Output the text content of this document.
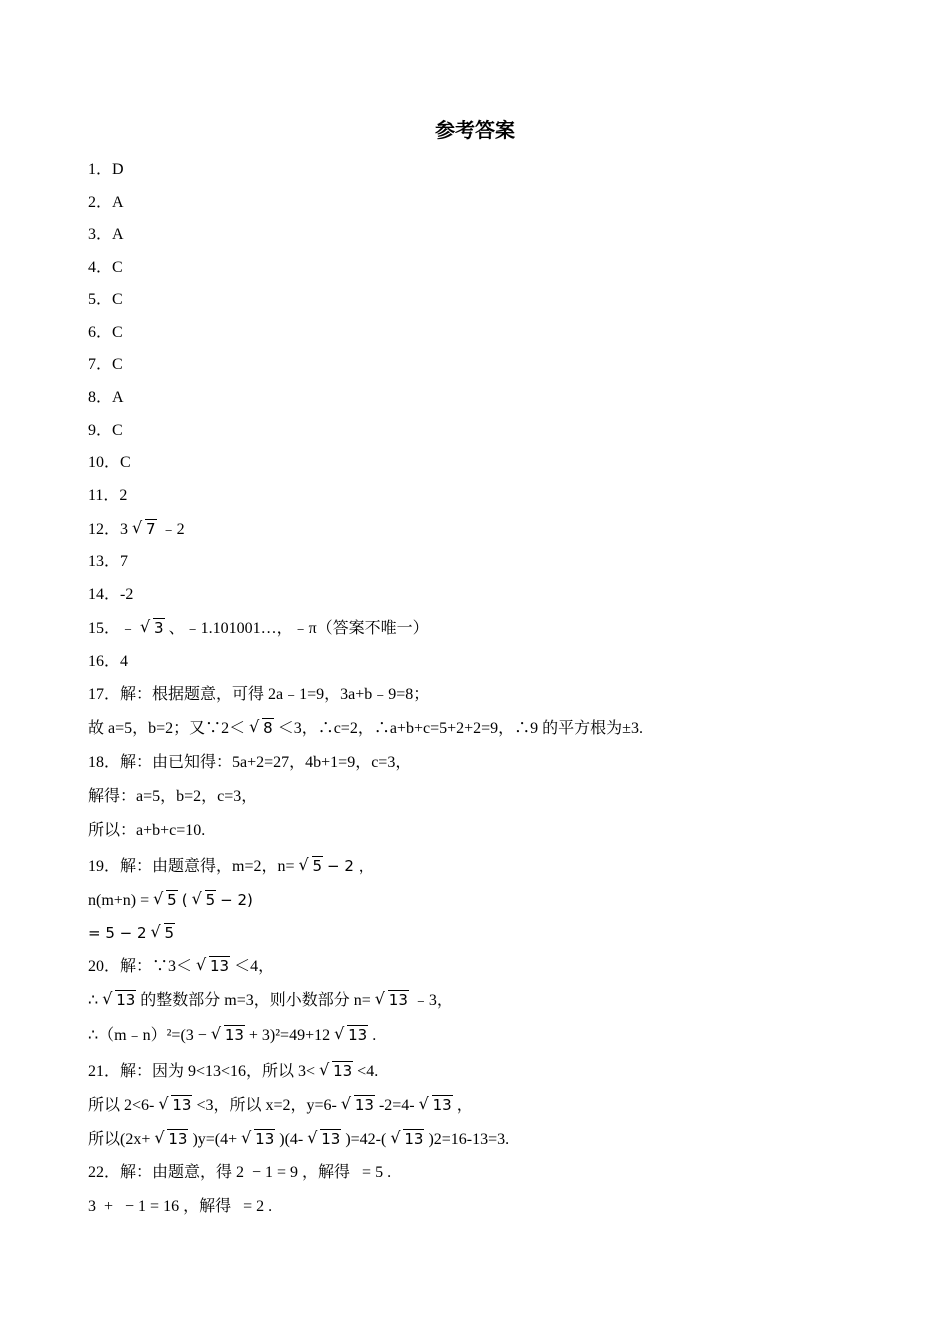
参考答案
1．D
2．A
3．A
4．C
5．C
6．C
7．C
8．A
9．C
10．C
11．2
12．3 √ 7 ﹣2
13．7
14．-2
15．﹣ √ 3 、﹣1.101001…，﹣π（答案不唯一）
16．4
17．解：根据题意，可得 2a﹣1=9，3a+b﹣9=8；
故 a=5，b=2；又∵2＜ √ 8 ＜3，∴c=2，∴a+b+c=5+2+2=9，∴9 的平方根为±3.
18．解：由已知得：5a+2=27，4b+1=9，c=3，
解得：a=5，b=2，c=3，
所以：a+b+c=10.
19．解：由题意得，m=2，n= √ 5 − 2 ，
n(m+n) = √ 5 ( √ 5 − 2)
= 5 − 2 √ 5
20．解：∵3＜ √ 13 ＜4，
∴ √ 13 的整数部分 m=3，则小数部分 n= √ 13 ﹣3，
∴（m﹣n）²=(3 − √ 13 + 3)²=49+12 √ 13 .
21．解：因为 9<13<16，所以 3< √ 13 <4.
所以 2<6- √ 13 <3，所以 x=2，y=6- √ 13 -2=4- √ 13 ，
所以(2x+ √ 13 )y=(4+ √ 13 )(4- √ 13 )=42-( √ 13 )2=16-13=3.
22．解：由题意，得 2  − 1 = 9 ，解得   = 5 .
3  +   − 1 = 16 ，解得   = 2 .
